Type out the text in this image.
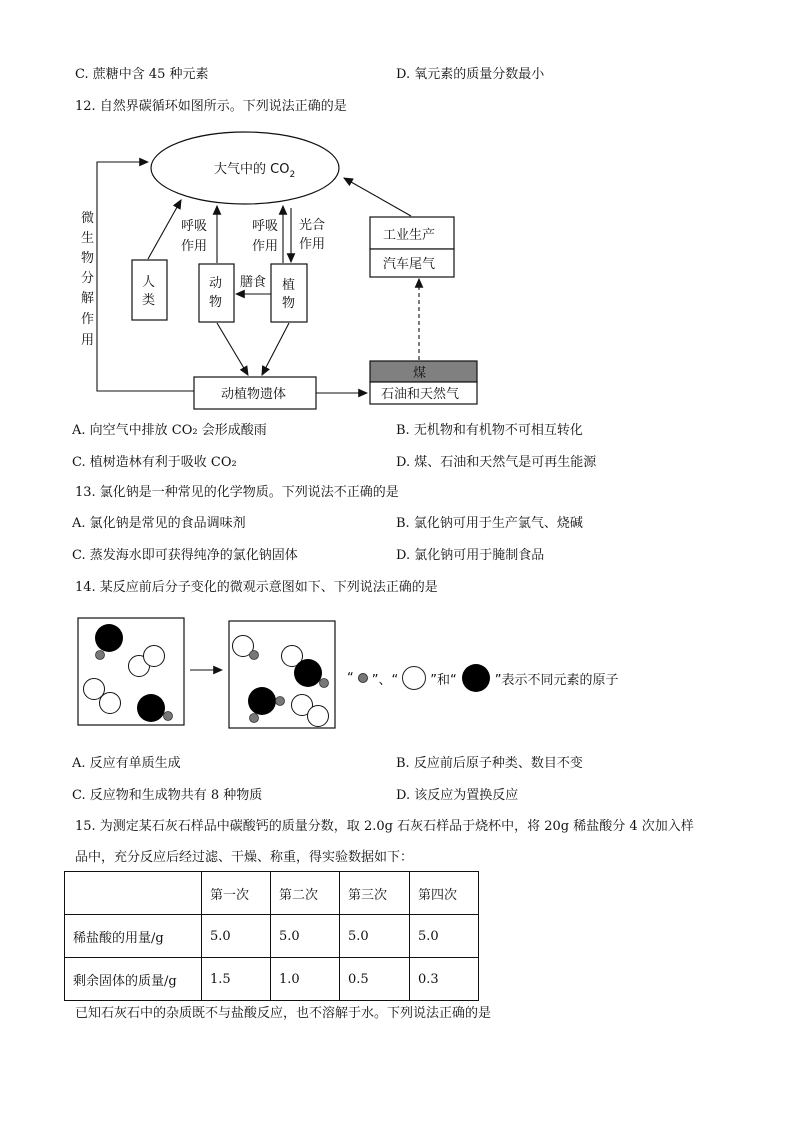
C. 蔗糖中含 45 种元素	D. 氧元素的质量分数最小
12. 自然界碳循环如图所示。下列说法正确的是
大气中的 $CO_2$
人
类
动
物
植
物
动植物遗体
工业生产
汽车尾气
煤
石油和天然气
呼吸
作用
呼吸
作用
光合
作用
膳食
微
生
物
分
解
作
用
A. 向空气中排放 CO₂ 会形成酸雨	B. 无机物和有机物不可相互转化
C. 植树造林有利于吸收 CO₂	D. 煤、石油和天然气是可再生能源
13. 氯化钠是一种常见的化学物质。下列说法不正确的是
A. 氯化钠是常见的食品调味剂	B. 氯化钠可用于生产氯气、烧碱
C. 蒸发海水即可获得纯净的氯化钠固体	D. 氯化钠可用于腌制食品
14. 某反应前后分子变化的微观示意图如下、下列说法正确的是
“ ”、“ ”和“	”表示不同元素的原子
A. 反应有单质生成	B. 反应前后原子种类、数目不变
C. 反应物和生成物共有 8 种物质	D. 该反应为置换反应
15. 为测定某石灰石样品中碳酸钙的质量分数，取 2.0g 石灰石样品于烧杯中，将 20g 稀盐酸分 4 次加入样
品中，充分反应后经过滤、干燥、称重，得实验数据如下：
	第一次	第二次	第三次	第四次
稀盐酸的用量/g	5.0	5.0	5.0	5.0
剩余固体的质量/g	1.5	1.0	0.5	0.3
已知石灰石中的杂质既不与盐酸反应，也不溶解于水。下列说法正确的是
